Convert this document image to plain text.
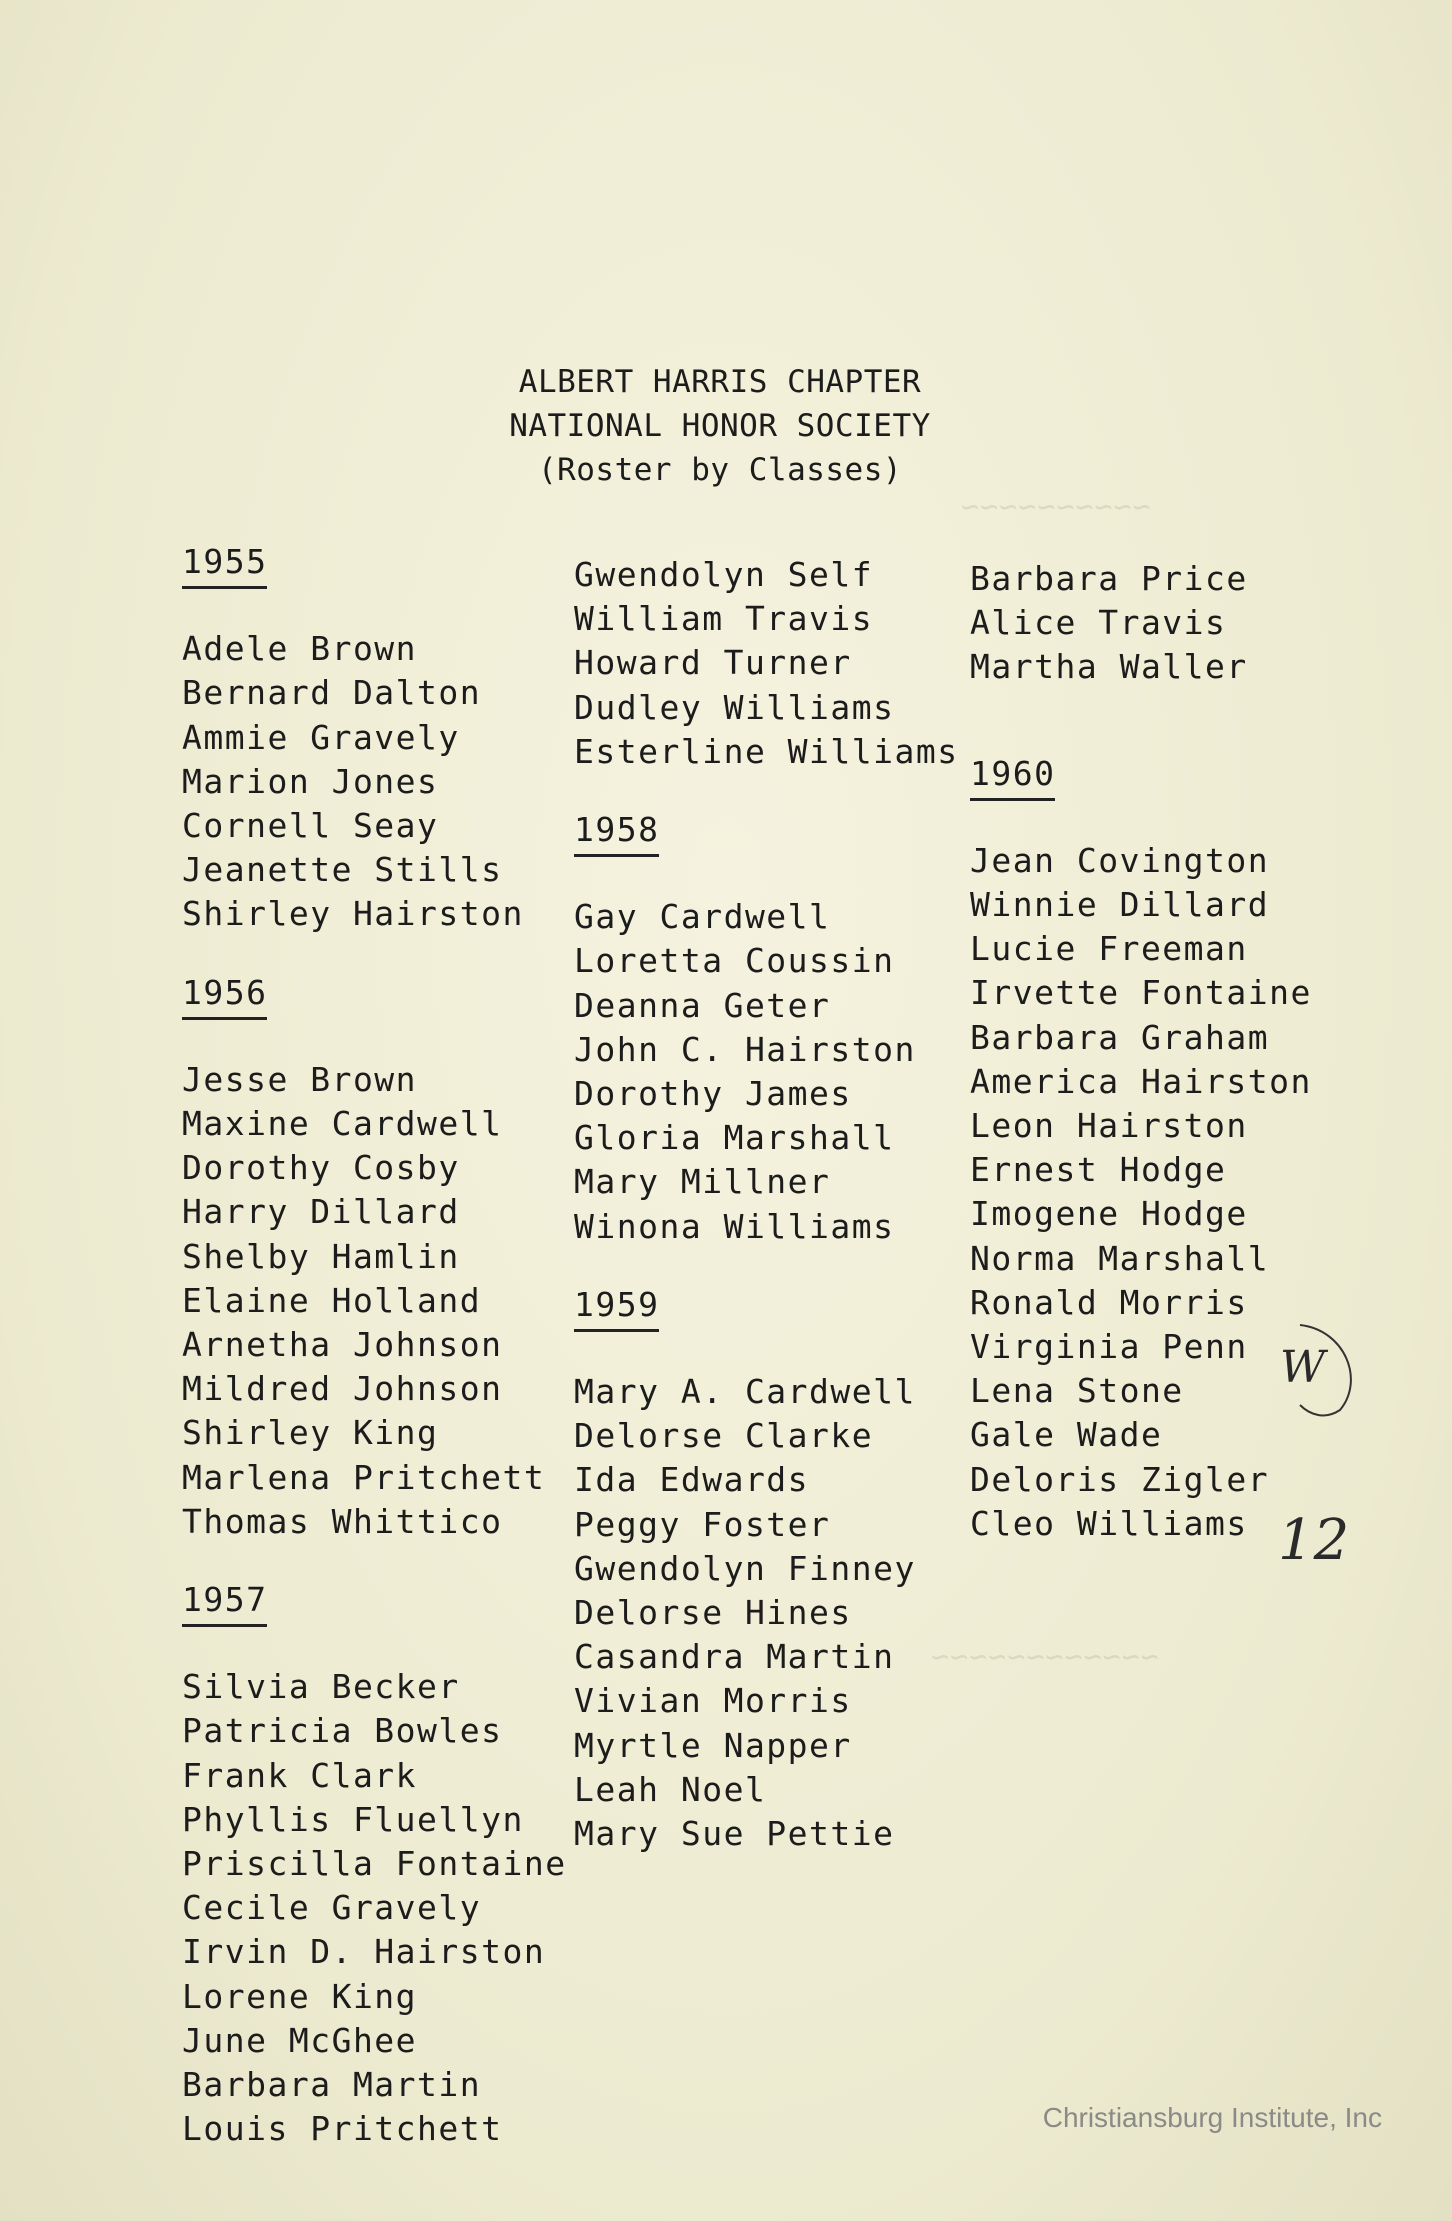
~~~~~~~~~~
~~~~~~~~~~~~
ALBERT HARRIS CHAPTER
NATIONAL HONOR SOCIETY
(Roster by Classes)
1955
Adele Brown
Bernard Dalton
Ammie Gravely
Marion Jones
Cornell Seay
Jeanette Stills
Shirley Hairston
1956
Jesse Brown
Maxine Cardwell
Dorothy Cosby
Harry Dillard
Shelby Hamlin
Elaine Holland
Arnetha Johnson
Mildred Johnson
Shirley King
Marlena Pritchett
Thomas Whittico
1957
Silvia Becker
Patricia Bowles
Frank Clark
Phyllis Fluellyn
Priscilla Fontaine
Cecile Gravely
Irvin D. Hairston
Lorene King
June McGhee
Barbara Martin
Louis Pritchett
Gwendolyn Self
William Travis
Howard Turner
Dudley Williams
Esterline Williams
1958
Gay Cardwell
Loretta Coussin
Deanna Geter
John C. Hairston
Dorothy James
Gloria Marshall
Mary Millner
Winona Williams
1959
Mary A. Cardwell
Delorse Clarke
Ida Edwards
Peggy Foster
Gwendolyn Finney
Delorse Hines
Casandra Martin
Vivian Morris
Myrtle Napper
Leah Noel
Mary Sue Pettie
Barbara Price
Alice Travis
Martha Waller
1960
Jean Covington
Winnie Dillard
Lucie Freeman
Irvette Fontaine
Barbara Graham
America Hairston
Leon Hairston
Ernest Hodge
Imogene Hodge
Norma Marshall
Ronald Morris
Virginia Penn
Lena Stone
Gale Wade
Deloris Zigler
Cleo Williams
W
12
Christiansburg Institute, Inc
